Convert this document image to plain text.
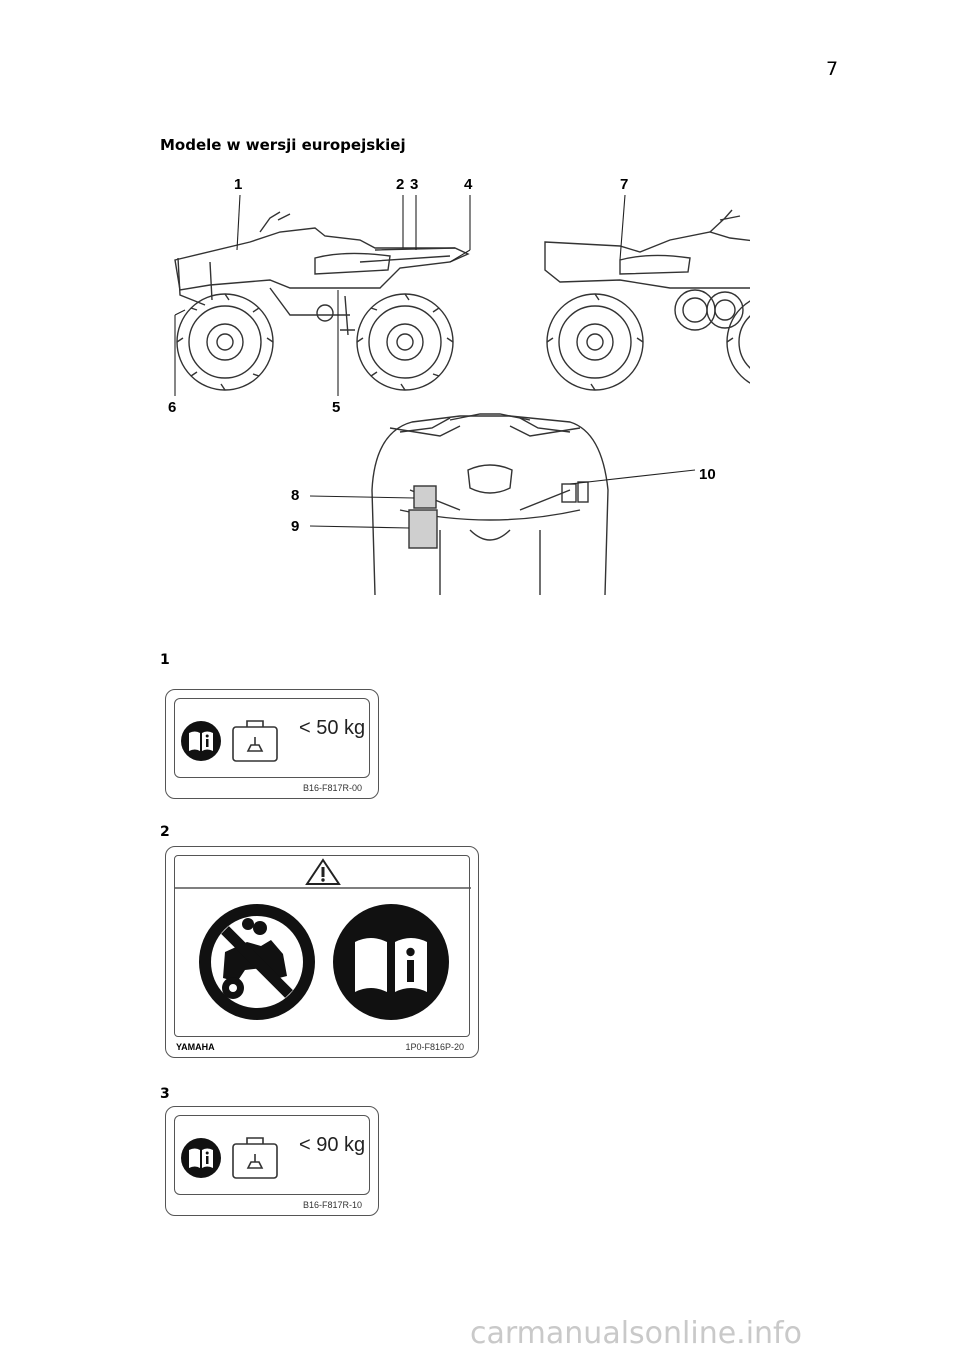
7
Modele w wersji europejskiej
1	2 3	4
6	5
7
8
9
10
1
< 50 kg
B16-F817R-00
2
YAMAHA	1P0-F816P-20
3
< 90 kg
B16-F817R-10
carmanualsonline.info
